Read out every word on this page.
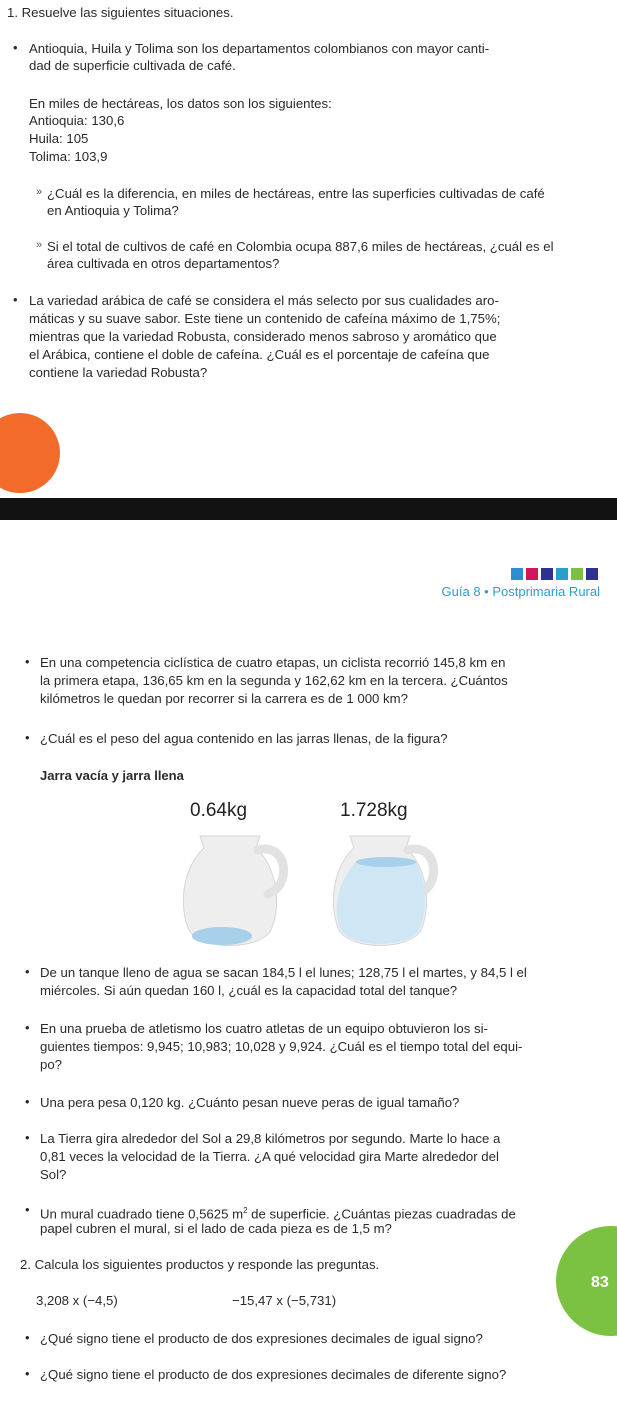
1. Resuelve las siguientes situaciones.
• Antioquia, Huila y Tolima son los departamentos colombianos con mayor canti-
dad de superficie cultivada de café.
En miles de hectáreas, los datos son los siguientes:
Antioquia: 130,6
Huila: 105
Tolima: 103,9
» ¿Cuál es la diferencia, en miles de hectáreas, entre las superficies cultivadas de café
en Antioquia y Tolima?
» Si el total de cultivos de café en Colombia ocupa 887,6 miles de hectáreas, ¿cuál es el
área cultivada en otros departamentos?
• La variedad arábica de café se considera el más selecto por sus cualidades aro-
máticas y su suave sabor. Este tiene un contenido de cafeína máximo de 1,75%;
mientras que la variedad Robusta, considerado menos sabroso y aromático que
el Arábica, contiene el doble de cafeína. ¿Cuál es el porcentaje de cafeína que
contiene la variedad Robusta?
Guía 8 • Postprimaria Rural
• En una competencia ciclística de cuatro etapas, un ciclista recorrió 145,8 km en
la primera etapa, 136,65 km en la segunda y 162,62 km en la tercera. ¿Cuántos
kilómetros le quedan por recorrer si la carrera es de 1 000 km?
• ¿Cuál es el peso del agua contenido en las jarras llenas, de la figura?
Jarra vacía y jarra llena
0.64kg	1.728kg
• De un tanque lleno de agua se sacan 184,5 l el lunes; 128,75 l el martes, y 84,5 l el
miércoles. Si aún quedan 160 l, ¿cuál es la capacidad total del tanque?
• En una prueba de atletismo los cuatro atletas de un equipo obtuvieron los si-
guientes tiempos: 9,945; 10,983; 10,028 y 9,924. ¿Cuál es el tiempo total del equi-
po?
• Una pera pesa 0,120 kg. ¿Cuánto pesan nueve peras de igual tamaño?
• La Tierra gira alrededor del Sol a 29,8 kilómetros por segundo. Marte lo hace a
0,81 veces la velocidad de la Tierra. ¿A qué velocidad gira Marte alrededor del
Sol?
• Un mural cuadrado tiene 0,5625 $m^2$ de superficie. ¿Cuántas piezas cuadradas de
papel cubren el mural, si el lado de cada pieza es de 1,5 m?
2. Calcula los siguientes productos y responde las preguntas.
83
3,208 x (−4,5)	−15,47 x (−5,731)
• ¿Qué signo tiene el producto de dos expresiones decimales de igual signo?
• ¿Qué signo tiene el producto de dos expresiones decimales de diferente signo?
